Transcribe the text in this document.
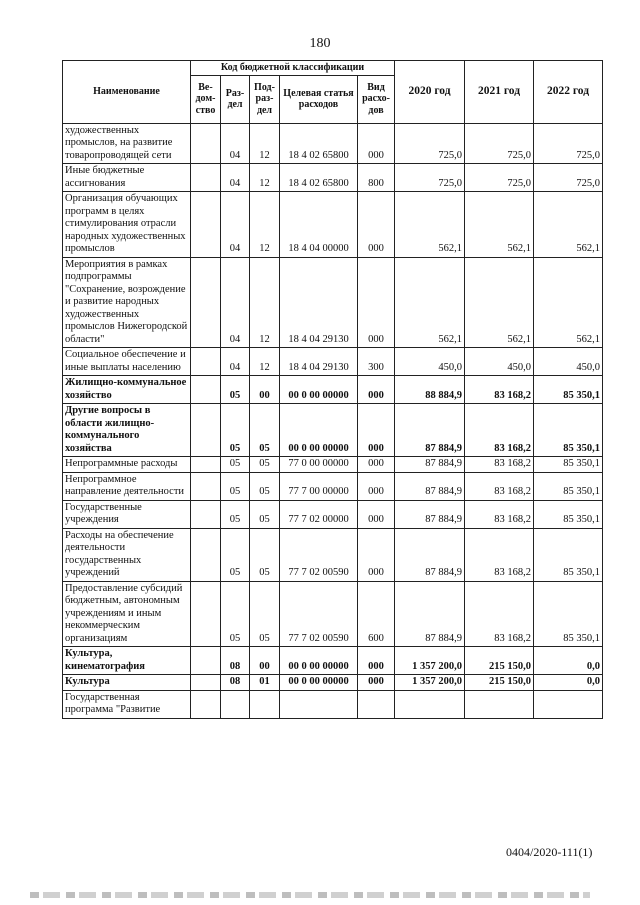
180
Наименование	Код бюджетной классификации					2020 год	2021 год	2022 год
	Ве-дом-ство	Раз-дел	Под-раз-дел	Целевая статья расходов	Вид расхо-дов			
художественных промыслов, на развитие товаропроводящей сети		04	12	18 4 02 65800	000	725,0	725,0	725,0
Иные бюджетные ассигнования		04	12	18 4 02 65800	800	725,0	725,0	725,0
Организация обучающих программ в целях стимулирования отрасли народных художественных промыслов		04	12	18 4 04 00000	000	562,1	562,1	562,1
Мероприятия в рамках подпрограммы "Сохранение, возрождение и развитие народных художественных промыслов Нижегородской области"		04	12	18 4 04 29130	000	562,1	562,1	562,1
Социальное обеспечение и иные выплаты населению		04	12	18 4 04 29130	300	450,0	450,0	450,0
Жилищно-коммунальное хозяйство		05	00	00 0 00 00000	000	88 884,9	83 168,2	85 350,1
Другие вопросы в области жилищно-коммунального хозяйства		05	05	00 0 00 00000	000	87 884,9	83 168,2	85 350,1
Непрограммные расходы		05	05	77 0 00 00000	000	87 884,9	83 168,2	85 350,1
Непрограммное направление деятельности		05	05	77 7 00 00000	000	87 884,9	83 168,2	85 350,1
Государственные учреждения		05	05	77 7 02 00000	000	87 884,9	83 168,2	85 350,1
Расходы на обеспечение деятельности государственных учреждений		05	05	77 7 02 00590	000	87 884,9	83 168,2	85 350,1
Предоставление субсидий бюджетным, автономным учреждениям и иным некоммерческим организациям		05	05	77 7 02 00590	600	87 884,9	83 168,2	85 350,1
Культура, кинематография		08	00	00 0 00 00000	000	1 357 200,0	215 150,0	0,0
Культура		08	01	00 0 00 00000	000	1 357 200,0	215 150,0	0,0
Государственная программа "Развитие								
0404/2020-111(1)
